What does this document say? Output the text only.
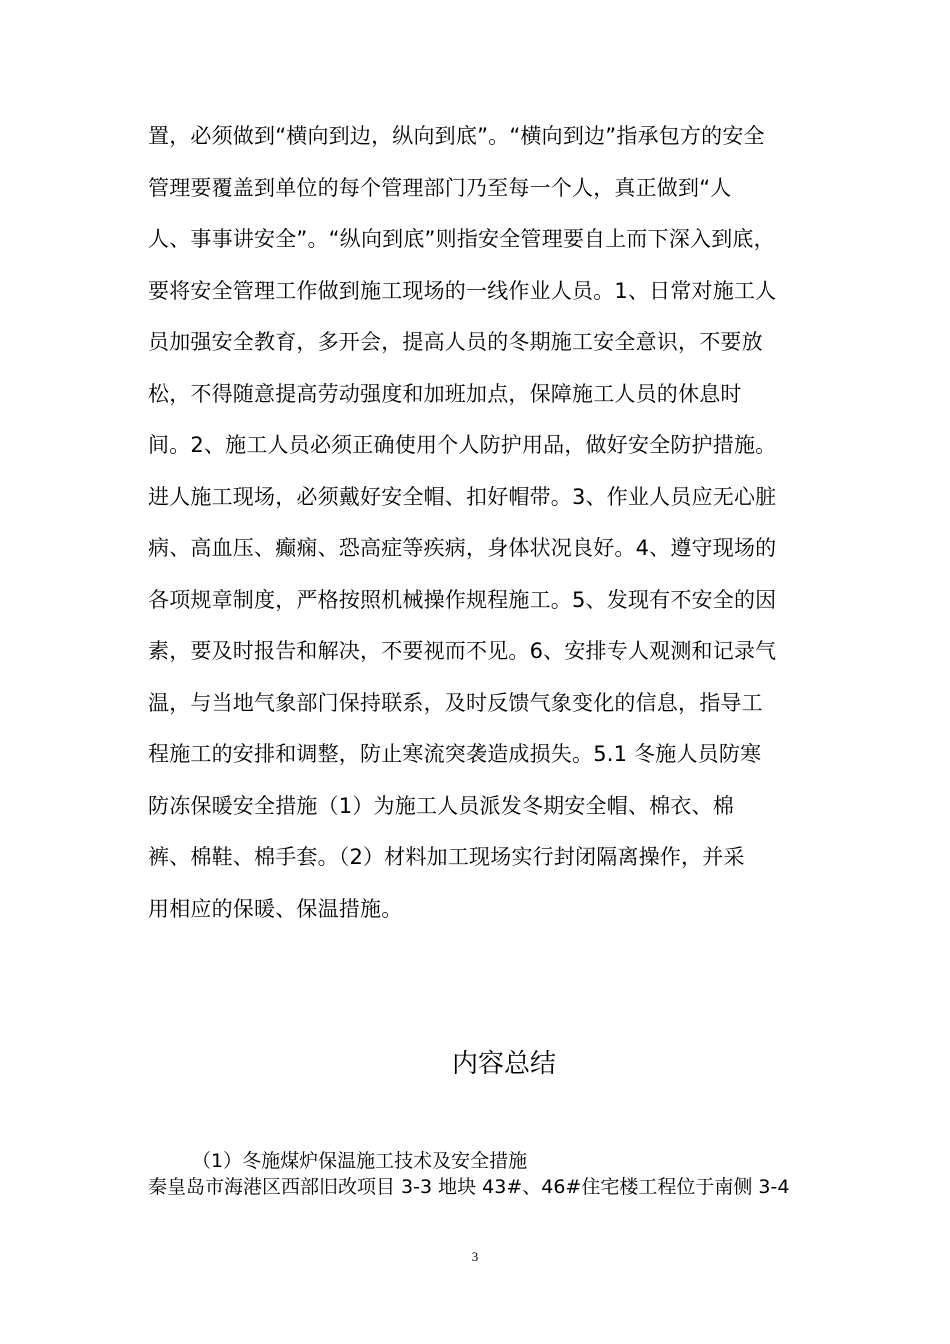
置，必须做到“横向到边，纵向到底”。“横向到边”指承包方的安全
管理要覆盖到单位的每个管理部门乃至每一个人，真正做到“人
人、事事讲安全”。“纵向到底”则指安全管理要自上而下深入到底，
要将安全管理工作做到施工现场的一线作业人员。1、日常对施工人
员加强安全教育，多开会，提高人员的冬期施工安全意识，不要放
松，不得随意提高劳动强度和加班加点，保障施工人员的休息时
间。2、施工人员必须正确使用个人防护用品，做好安全防护措施。
进人施工现场，必须戴好安全帽、扣好帽带。3、作业人员应无心脏
病、高血压、癫痫、恐高症等疾病，身体状况良好。4、遵守现场的
各项规章制度，严格按照机械操作规程施工。5、发现有不安全的因
素，要及时报告和解决，不要视而不见。6、安排专人观测和记录气
温，与当地气象部门保持联系，及时反馈气象变化的信息，指导工
程施工的安排和调整，防止寒流突袭造成损失。5.1 冬施人员防寒
防冻保暖安全措施（1）为施工人员派发冬期安全帽、棉衣、棉
裤、棉鞋、棉手套。（2）材料加工现场实行封闭隔离操作，并采
用相应的保暖、保温措施。
内容总结
（1）冬施煤炉保温施工技术及安全措施
秦皇岛市海港区西部旧改项目 3-3 地块 43#、46#住宅楼工程位于南侧 3-4
3
